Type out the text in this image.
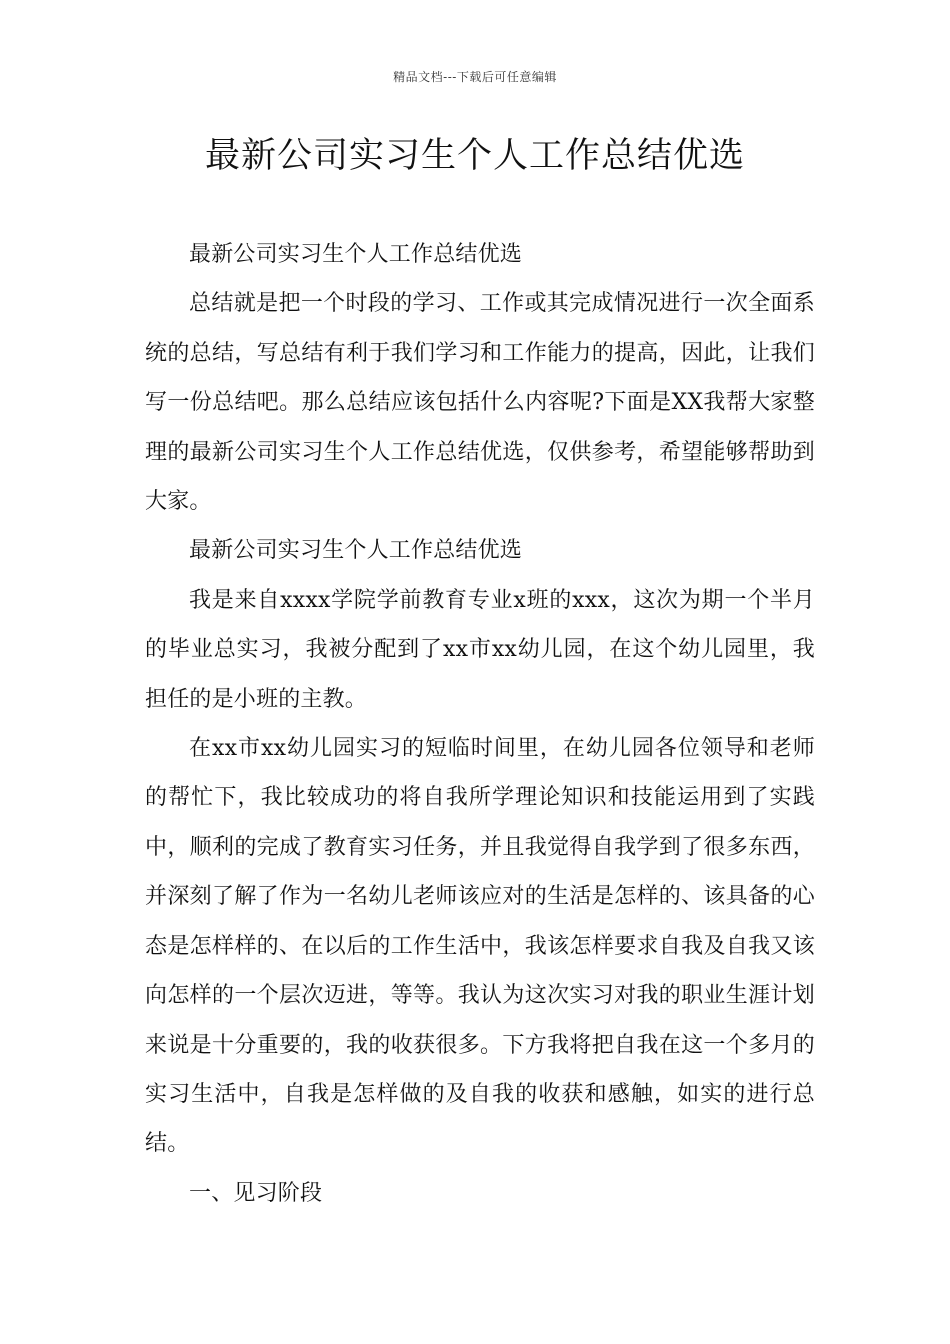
精品文档---下载后可任意编辑
最新公司实习生个人工作总结优选

最新公司实习生个人工作总结优选

总结就是把一个时段的学习、工作或其完成情况进行一次全面系统的总结，写总结有利于我们学习和工作能力的提高，因此，让我们写一份总结吧。那么总结应该包括什么内容呢?下面是XX我帮大家整理的最新公司实习生个人工作总结优选，仅供参考，希望能够帮助到大家。

最新公司实习生个人工作总结优选

我是来自xxxx学院学前教育专业x班的xxx，这次为期一个半月的毕业总实习，我被分配到了xx市xx幼儿园，在这个幼儿园里，我担任的是小班的主教。

在xx市xx幼儿园实习的短临时间里，在幼儿园各位领导和老师的帮忙下，我比较成功的将自我所学理论知识和技能运用到了实践中，顺利的完成了教育实习任务，并且我觉得自我学到了很多东西，并深刻了解了作为一名幼儿老师该应对的生活是怎样的、该具备的心态是怎样样的、在以后的工作生活中，我该怎样要求自我及自我又该向怎样的一个层次迈进，等等。我认为这次实习对我的职业生涯计划来说是十分重要的，我的收获很多。下方我将把自我在这一个多月的实习生活中，自我是怎样做的及自我的收获和感触，如实的进行总结。

一、见习阶段
